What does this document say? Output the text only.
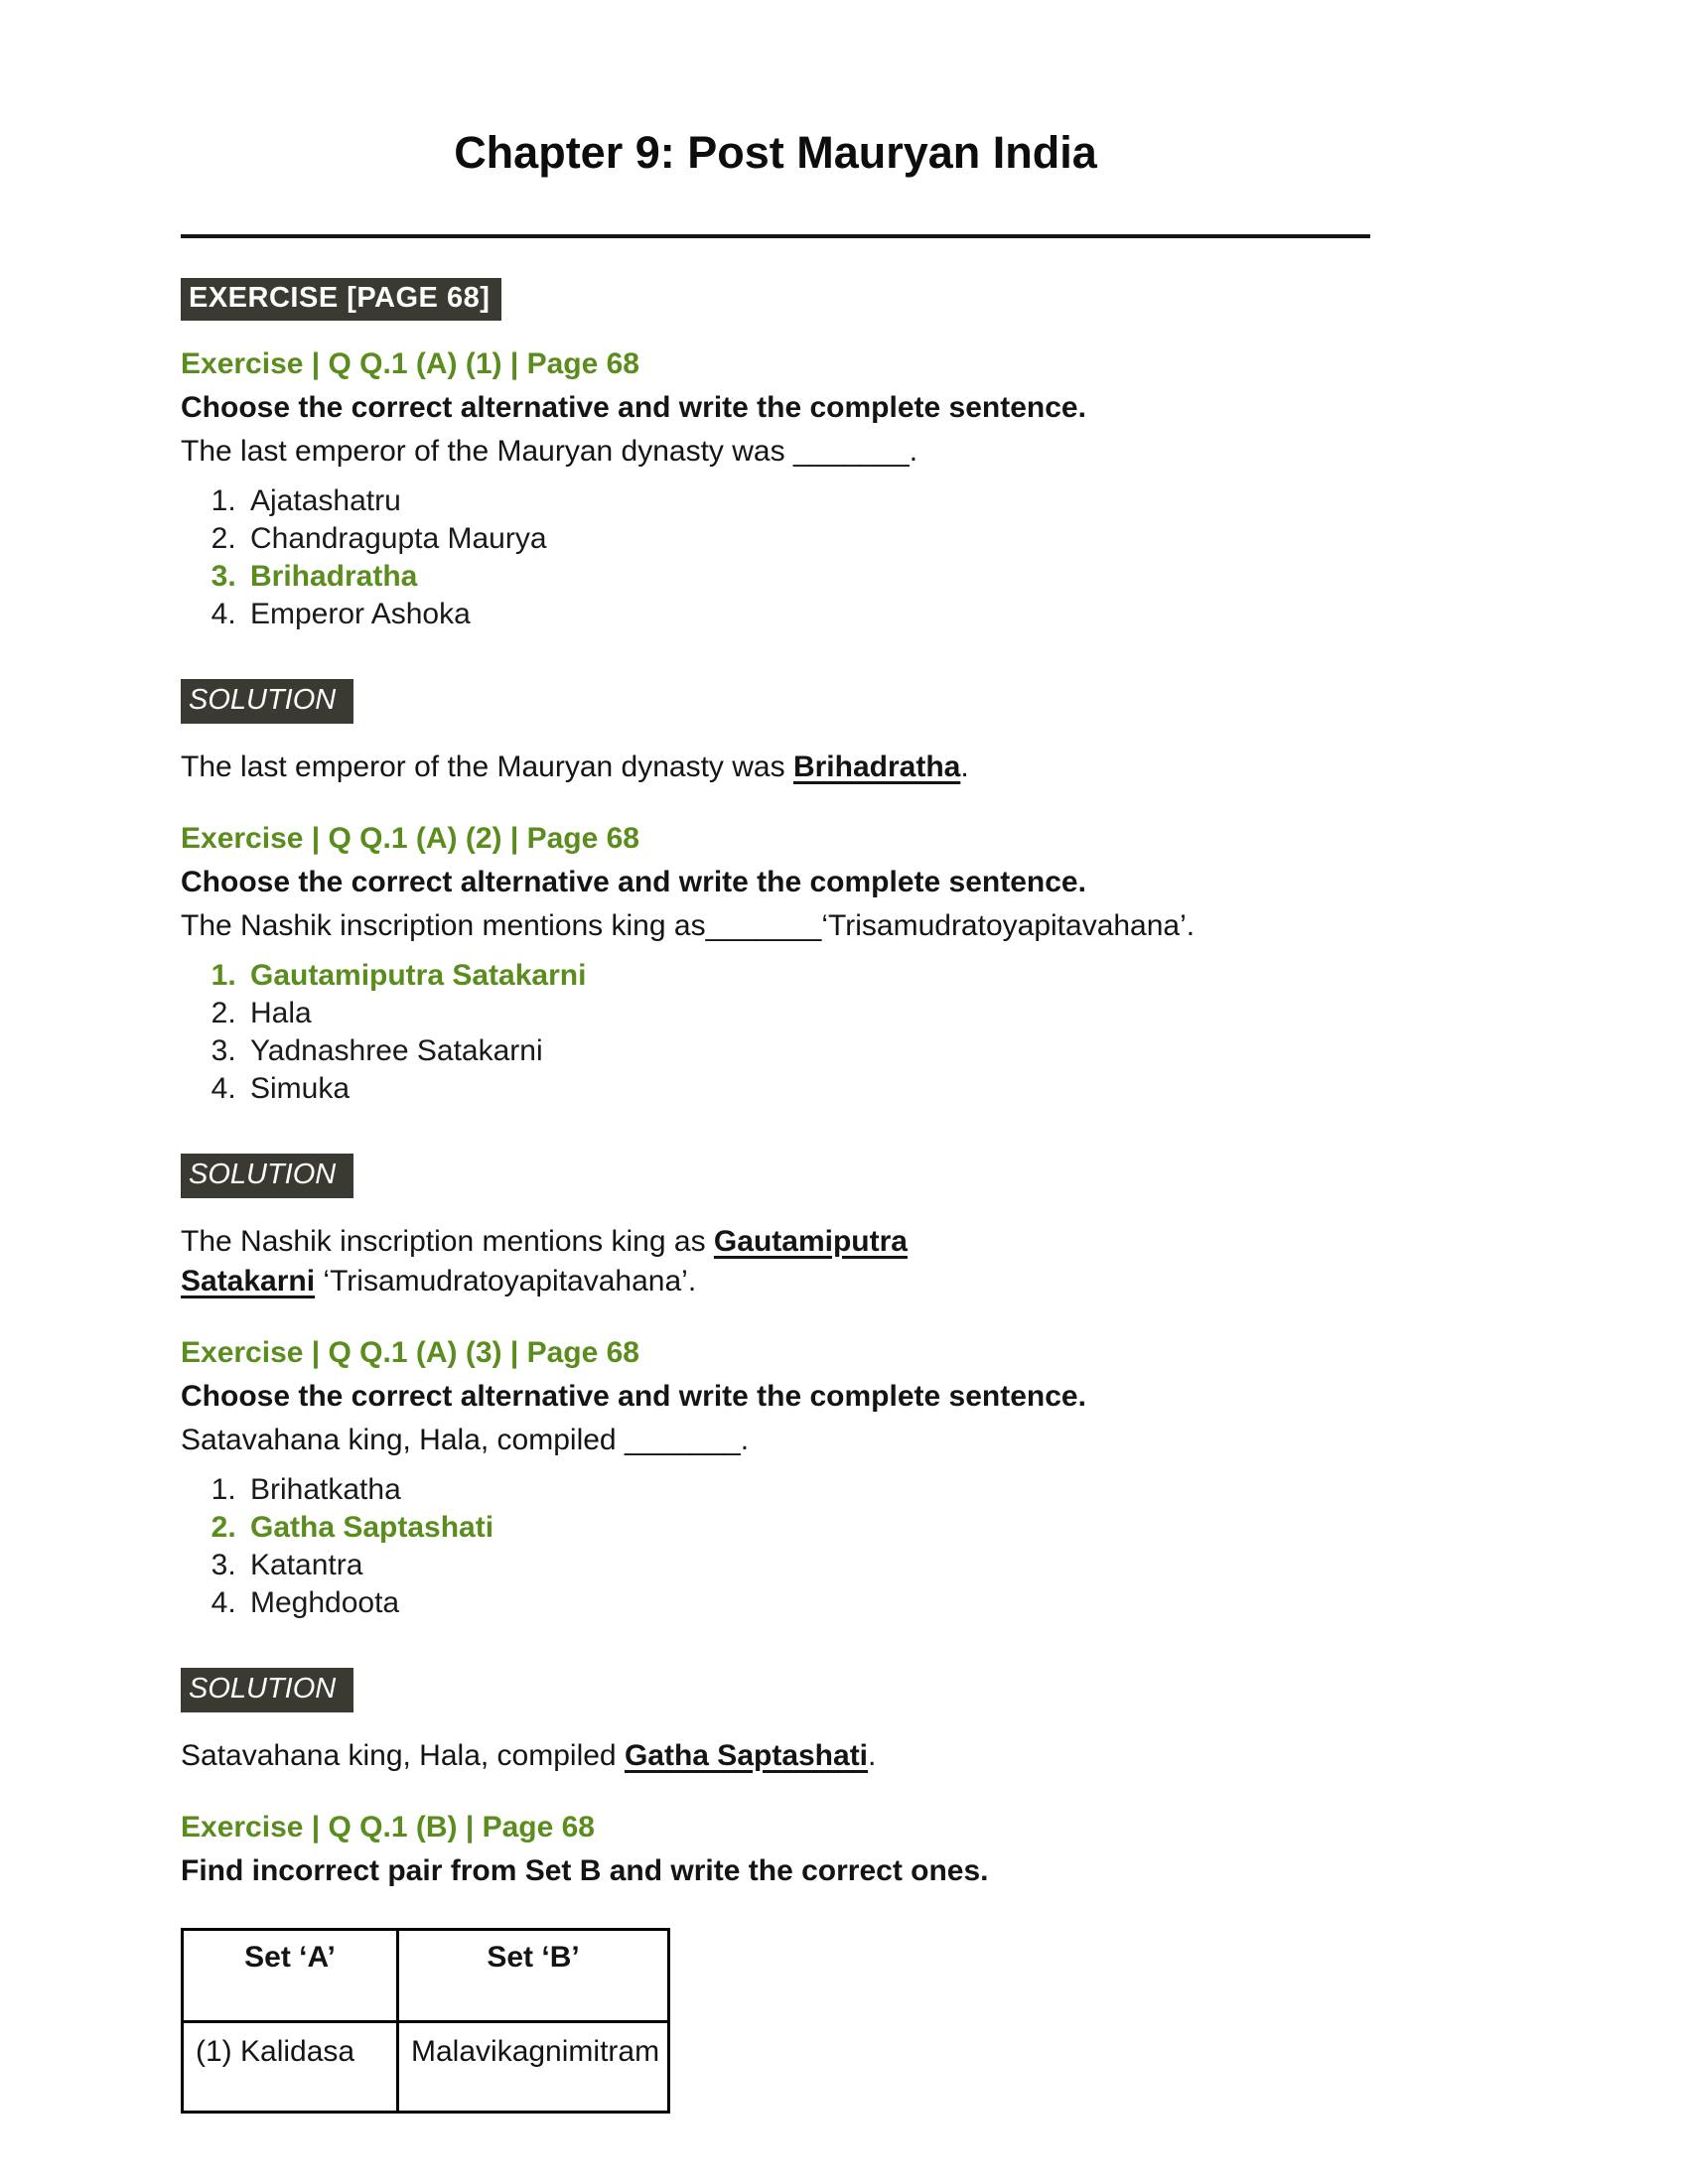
Chapter 9: Post Mauryan India
EXERCISE [PAGE 68]
Exercise | Q Q.1 (A) (1) | Page 68

Choose the correct alternative and write the complete sentence.

The last emperor of the Mauryan dynasty was _______.

1. Ajatashatru
2. Chandragupta Maurya
3. Brihadratha
4. Emperor Ashoka
SOLUTION

The last emperor of the Mauryan dynasty was Brihadratha.

Exercise | Q Q.1 (A) (2) | Page 68

Choose the correct alternative and write the complete sentence.

The Nashik inscription mentions king as_______‘Trisamudratoyapitavahana’.

1. Gautamiputra Satakarni
2. Hala
3. Yadnashree Satakarni
4. Simuka
SOLUTION

The Nashik inscription mentions king as Gautamiputra Satakarni ‘Trisamudratoyapitavahana’.

Exercise | Q Q.1 (A) (3) | Page 68

Choose the correct alternative and write the complete sentence.

Satavahana king, Hala, compiled _______.

1. Brihatkatha
2. Gatha Saptashati
3. Katantra
4. Meghdoota
SOLUTION

Satavahana king, Hala, compiled Gatha Saptashati.

Exercise | Q Q.1 (B) | Page 68

Find incorrect pair from Set B and write the correct ones.

Set ‘A’	Set ‘B’
(1) Kalidasa	Malavikagnimitram
